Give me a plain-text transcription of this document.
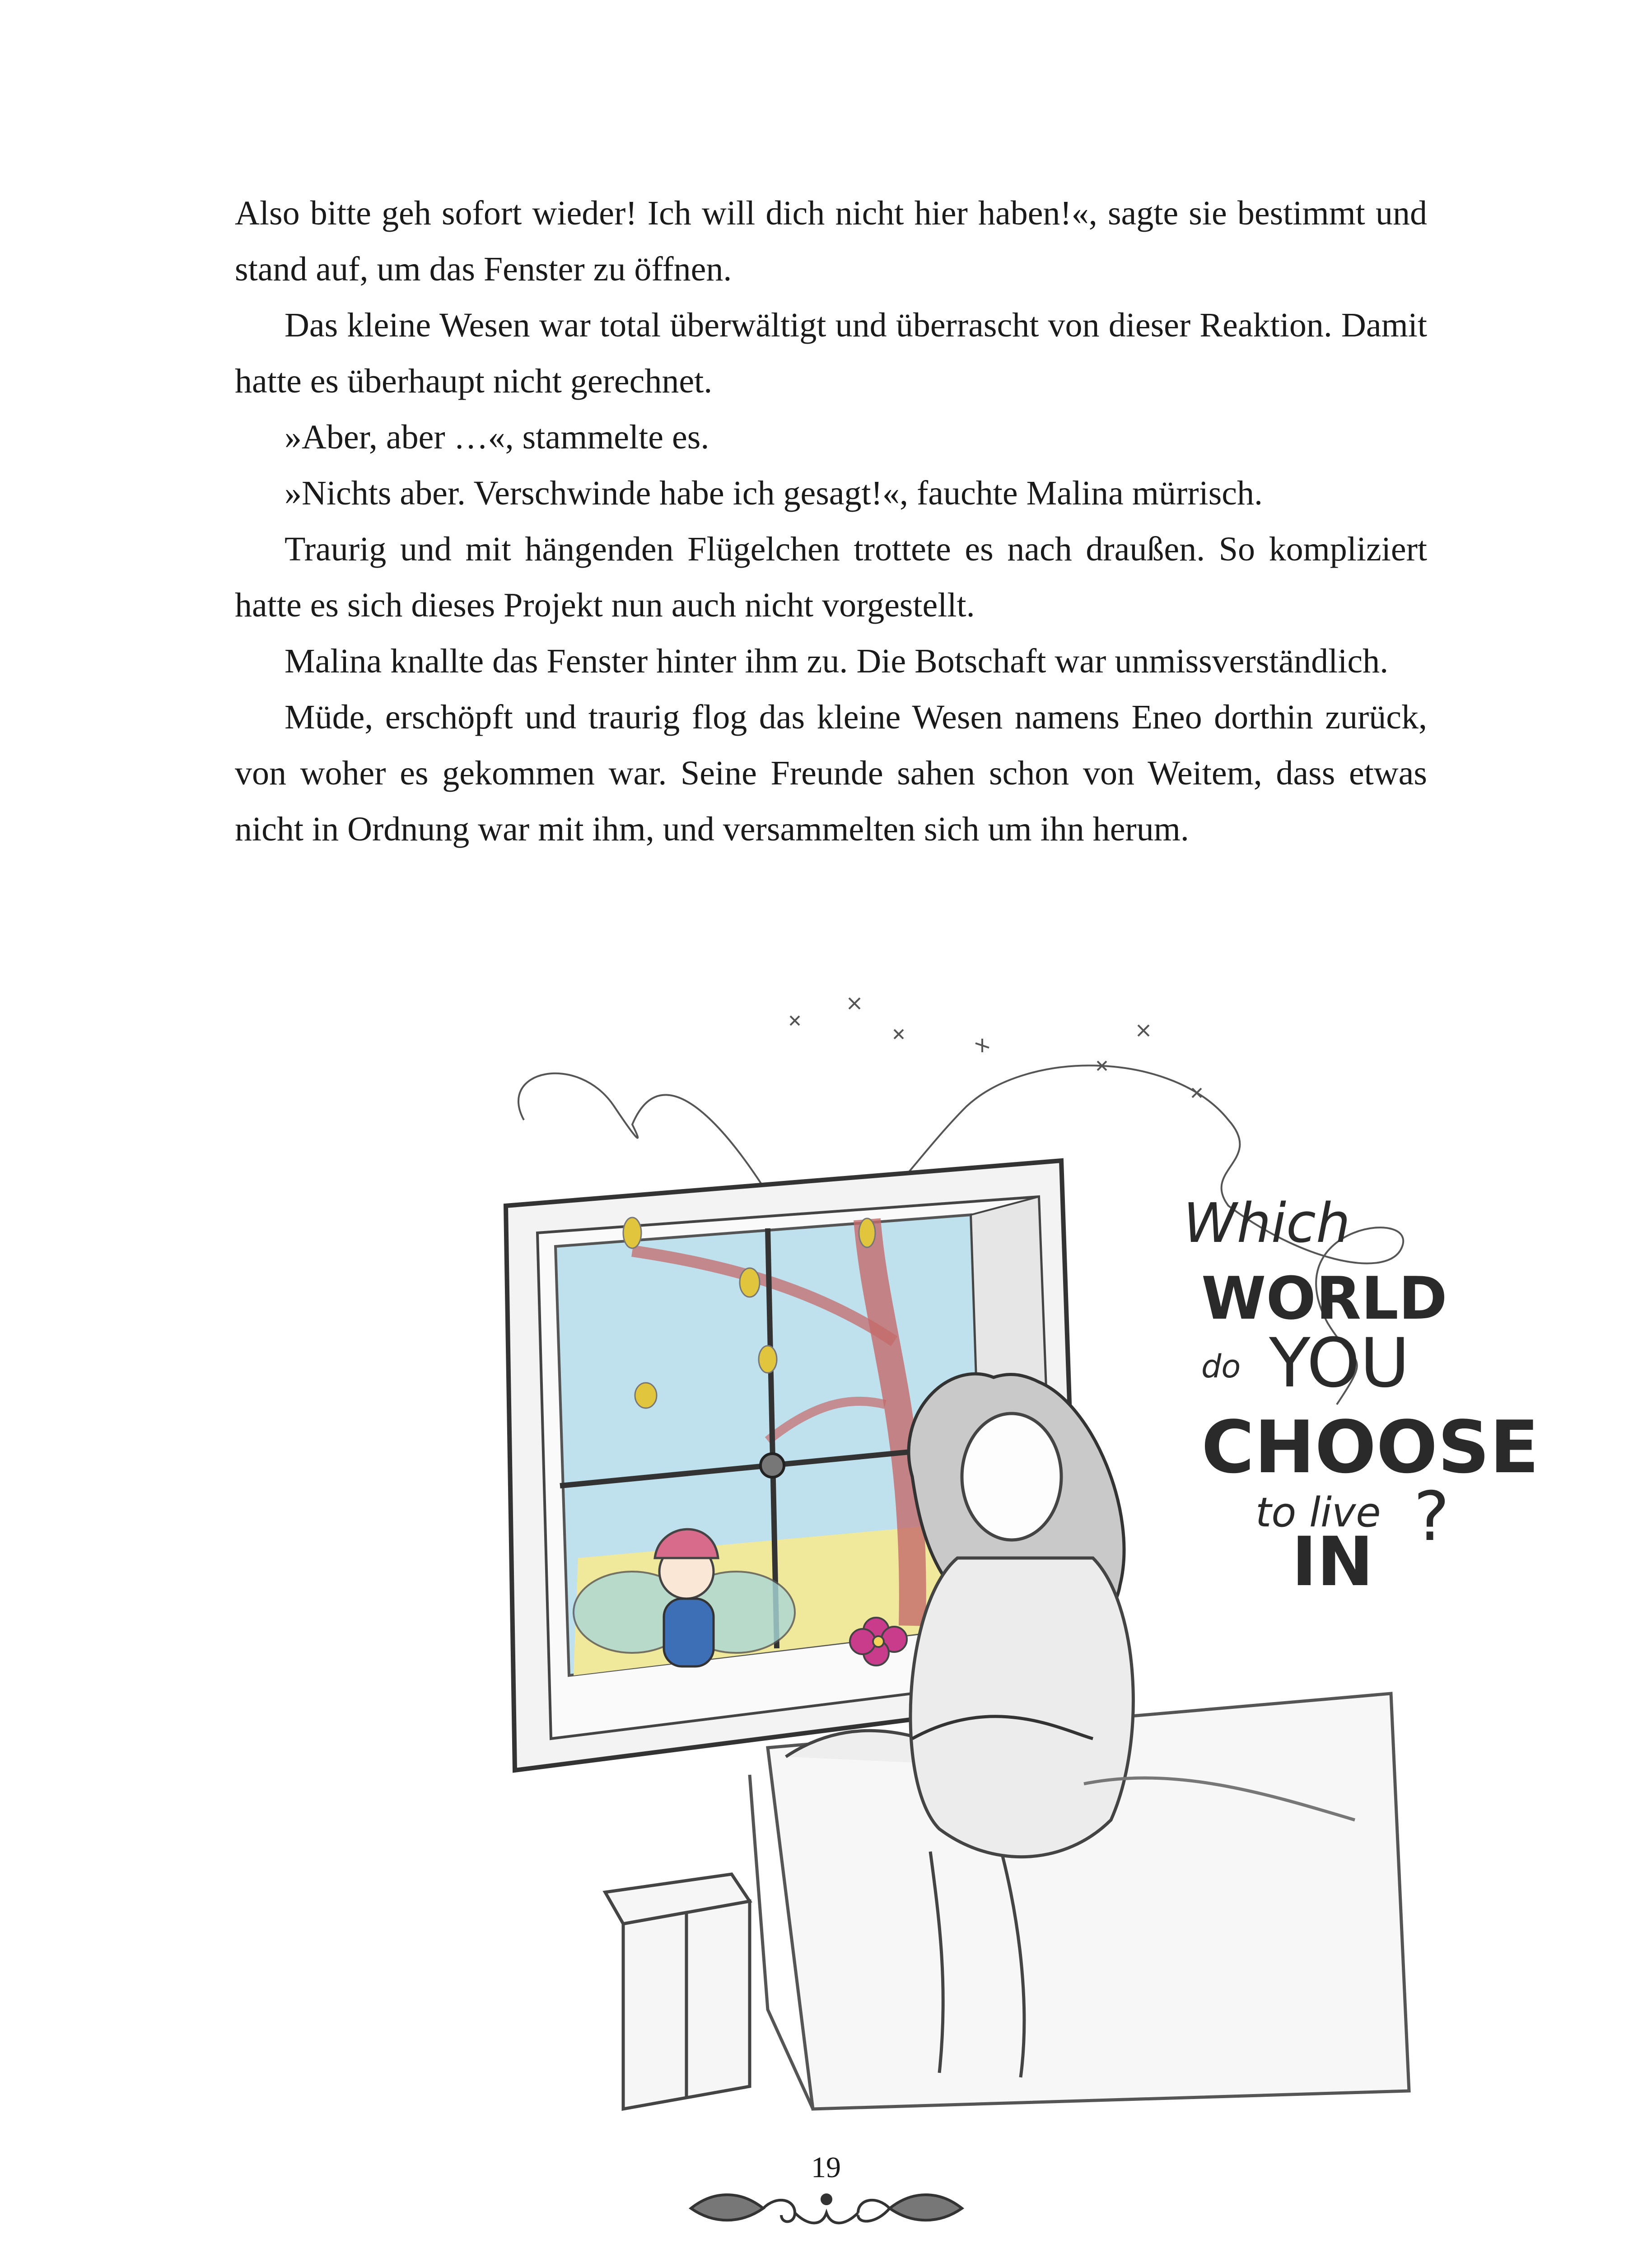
Also bitte geh sofort wieder! Ich will dich nicht hier haben!«, sagte sie bestimmt und stand auf, um das Fenster zu öffnen.

Das kleine Wesen war total überwältigt und überrascht von dieser Reaktion. Damit hatte es überhaupt nicht gerechnet.

»Aber, aber …«, stammelte es.

»Nichts aber. Verschwinde habe ich gesagt!«, fauchte Malina mürrisch.

Traurig und mit hängenden Flügelchen trottete es nach draußen. So kompliziert hatte es sich dieses Projekt nun auch nicht vorgestellt.

Malina knallte das Fenster hinter ihm zu. Die Botschaft war unmissverständlich.

Müde, erschöpft und traurig flog das kleine Wesen namens Eneo dorthin zurück, von woher es gekommen war. Seine Freunde sahen schon von Weitem, dass etwas nicht in Ordnung war mit ihm, und versammelten sich um ihn herum.

Which
WORLD
do YOU
CHOOSE
to live
IN
?
19
